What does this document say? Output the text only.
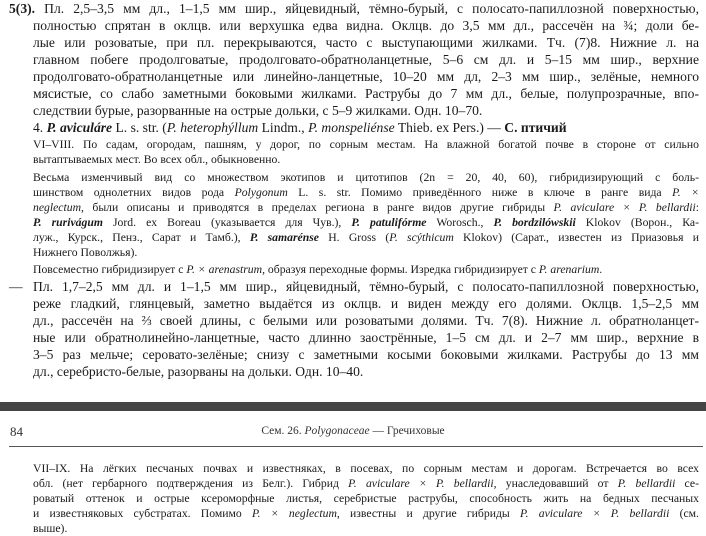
5(3). Пл. 2,5–3,5 мм дл., 1–1,5 мм шир., яйцевидный, тёмно-бурый, с полосато-папиллозной поверхностью,
полностью спрятан в оклцв. или верхушка едва видна. Оклцв. до 3,5 мм дл., рассечён на ¾; доли бе-
лые или розоватые, при пл. перекрываются, часто с выступающими жилками. Тч. (7)8. Нижние л. на
главном побеге продолговатые, продолговато-обратноланцетные, 5–6 см дл. и 5–15 мм шир., верхние
продолговато-обратноланцетные или линейно-ланцетные, 10–20 мм дл, 2–3 мм шир., зелёные, немного
мясистые, со слабо заметными боковыми жилками. Раструбы до 7 мм дл., белые, полупрозрачные, впо-
следствии бурые, разорванные на острые дольки, с 5–9 жилками. Одн. 10–70.
4. P. aviculáre L. s. str. (P. heterophýllum Lindm., P. monspeliénse Thieb. ex Pers.) — С. птичий
VI–VIII. По садам, огородам, пашням, у дорог, по сорным местам. На влажной богатой почве в стороне от сильно
вытаптываемых мест. Во всех обл., обыкновенно.
Весьма изменчивый вид со множеством экотипов и цитотипов (2n = 20, 40, 60), гибридизирующий с боль-
шинством однолетних видов рода Polygonum L. s. str. Помимо приведённого ниже в ключе в ранге вида P. ×
neglectum, были описаны и приводятся в пределах региона в ранге видов другие гибриды P. aviculare × P. bellardii:
P. rurivágum Jord. ex Boreau (указывается для Чув.), P. patulifórme Worosch., P. bordzilówskii Klokov (Ворон., Ка-
луж., Курск., Пенз., Сарат и Тамб.), P. samarénse H. Gross (P. scýthicum Klokov) (Сарат., известен из Приазовья и
Нижнего Поволжья).
Повсеместно гибридизирует с P. × arenastrum, образуя переходные формы. Изредка гибридизирует с P. arenarium.
— Пл. 1,7–2,5 мм дл. и 1–1,5 мм шир., яйцевидный, тёмно-бурый, с полосато-папиллозной поверхностью,
реже гладкий, глянцевый, заметно выдаётся из оклцв. и виден между его долями. Оклцв. 1,5–2,5 мм
дл., рассечён на ⅔ своей длины, с белыми или розоватыми долями. Тч. 7(8). Нижние л. обратноланцет-
ные или обратнолинейно-ланцетные, часто длинно заострённые, 1–5 см дл. и 2–7 мм шир., верхние в
3–5 раз мельче; серовато-зелёные; снизу с заметными косыми боковыми жилками. Раструбы до 13 мм
дл., серебристо-белые, разорваны на дольки. Одн. 10–40.
84	Сем. 26. Polygonaceae — Гречиховые
VII–IX. На лёгких песчаных почвах и известняках, в посевах, по сорным местам и дорогам. Встречается во всех
обл. (нет гербарного подтверждения из Белг.). Гибрид P. aviculare × P. bellardii, унаследовавший от P. bellardii се-
роватый оттенок и острые ксероморфные листья, серебристые раструбы, способность жить на бедных песчаных
и известняковых субстратах. Помимо P. × neglectum, известны и другие гибриды P. aviculare × P. bellardii (см.
выше).
